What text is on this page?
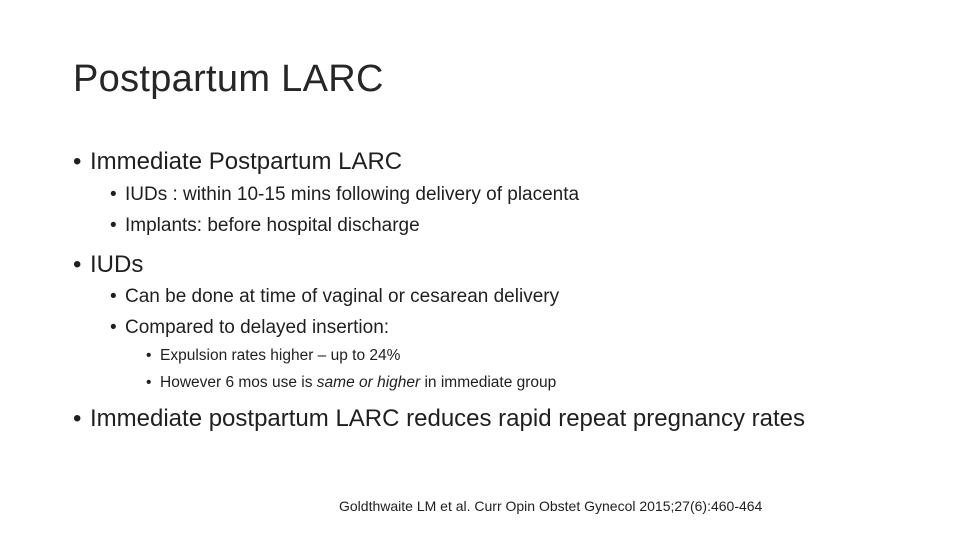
Postpartum LARC
• Immediate Postpartum LARC
• IUDs : within 10-15 mins following delivery of placenta
• Implants: before hospital discharge
• IUDs
• Can be done at time of vaginal or cesarean delivery
• Compared to delayed insertion:
• Expulsion rates higher – up to 24%
• However 6 mos use is same or higher in immediate group
• Immediate postpartum LARC reduces rapid repeat pregnancy rates
Goldthwaite LM et al. Curr Opin Obstet Gynecol 2015;27(6):460-464
